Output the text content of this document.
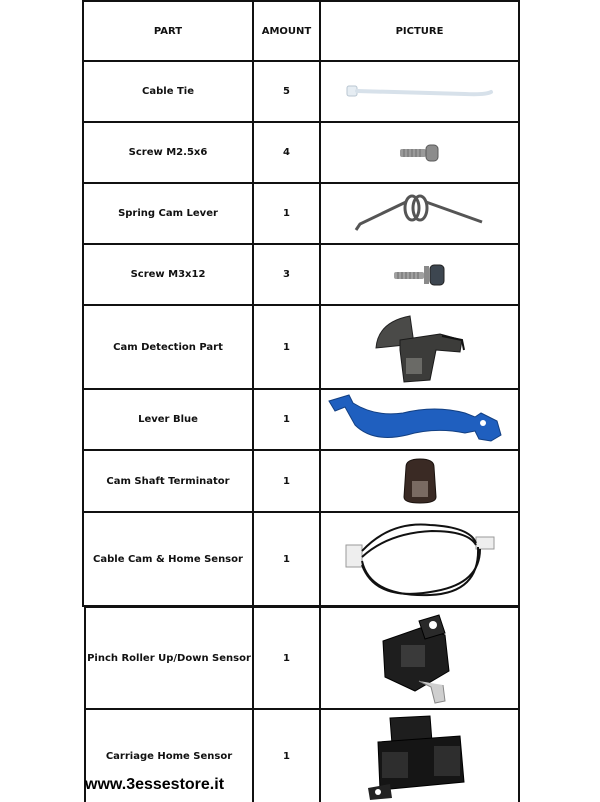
PART	AMOUNT	PICTURE
Cable Tie	5
Screw M2.5x6	4
Spring Cam Lever	1
Screw M3x12	3
Cam Detection Part	1
Lever Blue	1
Cam Shaft Terminator	1
Cable Cam & Home Sensor	1
Pinch Roller Up/Down Sensor	1
Carriage Home Sensor	1
www.3essestore.it
